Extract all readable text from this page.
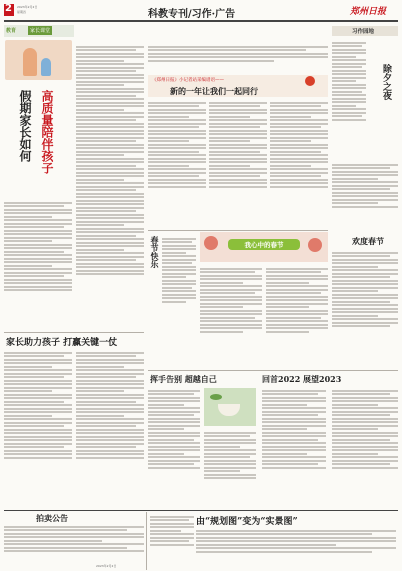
2 2023年2月2日
星期四	科教专刊/习作·广告	郑州日报
教育	家长课堂
高质量陪伴孩子
假期家长如何
家长助力孩子 打赢关键一仗
《郑州日报》小记者站采编谱语——
新的一年让我们一起同行
春节快乐	我心中的春节
挥手告别 超越自己	回首2022 展望2023
习作园地
除夕之夜
欢度春节
拍卖公告
2023年2月2日
由“规划图”变为“实景图”
